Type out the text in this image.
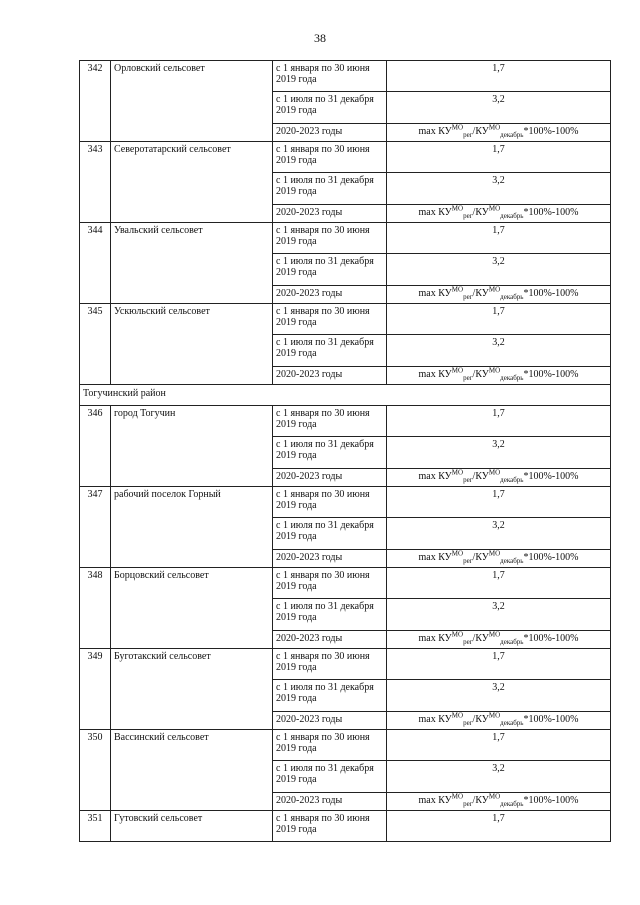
38
342	Орловский сельсовет	с 1 января по 30 июня 2019 года	1,7
		с 1 июля по 31 декабря 2019 года	3,2
		2020-2023 годы	$\max КУ^{МО}_{рег}/КУ^{МО}_{декабрь}*100\%-100\%$
343	Северотатарский сельсовет	с 1 января по 30 июня 2019 года	1,7
		с 1 июля по 31 декабря 2019 года	3,2
		2020-2023 годы	$\max КУ^{МО}_{рег}/КУ^{МО}_{декабрь}*100\%-100\%$
344	Увальский сельсовет	с 1 января по 30 июня 2019 года	1,7
		с 1 июля по 31 декабря 2019 года	3,2
		2020-2023 годы	$\max КУ^{МО}_{рег}/КУ^{МО}_{декабрь}*100\%-100\%$
345	Ускюльский сельсовет	с 1 января по 30 июня 2019 года	1,7
		с 1 июля по 31 декабря 2019 года	3,2
		2020-2023 годы	$\max КУ^{МО}_{рег}/КУ^{МО}_{декабрь}*100\%-100\%$
Тогучинский район			
346	город Тогучин	с 1 января по 30 июня 2019 года	1,7
		с 1 июля по 31 декабря 2019 года	3,2
		2020-2023 годы	$\max КУ^{МО}_{рег}/КУ^{МО}_{декабрь}*100\%-100\%$
347	рабочий поселок Горный	с 1 января по 30 июня 2019 года	1,7
		с 1 июля по 31 декабря 2019 года	3,2
		2020-2023 годы	$\max КУ^{МО}_{рег}/КУ^{МО}_{декабрь}*100\%-100\%$
348	Борцовский сельсовет	с 1 января по 30 июня 2019 года	1,7
		с 1 июля по 31 декабря 2019 года	3,2
		2020-2023 годы	$\max КУ^{МО}_{рег}/КУ^{МО}_{декабрь}*100\%-100\%$
349	Буготакский сельсовет	с 1 января по 30 июня 2019 года	1,7
		с 1 июля по 31 декабря 2019 года	3,2
		2020-2023 годы	$\max КУ^{МО}_{рег}/КУ^{МО}_{декабрь}*100\%-100\%$
350	Вассинский сельсовет	с 1 января по 30 июня 2019 года	1,7
		с 1 июля по 31 декабря 2019 года	3,2
		2020-2023 годы	$\max КУ^{МО}_{рег}/КУ^{МО}_{декабрь}*100\%-100\%$
351	Гутовский сельсовет	с 1 января по 30 июня 2019 года	1,7
